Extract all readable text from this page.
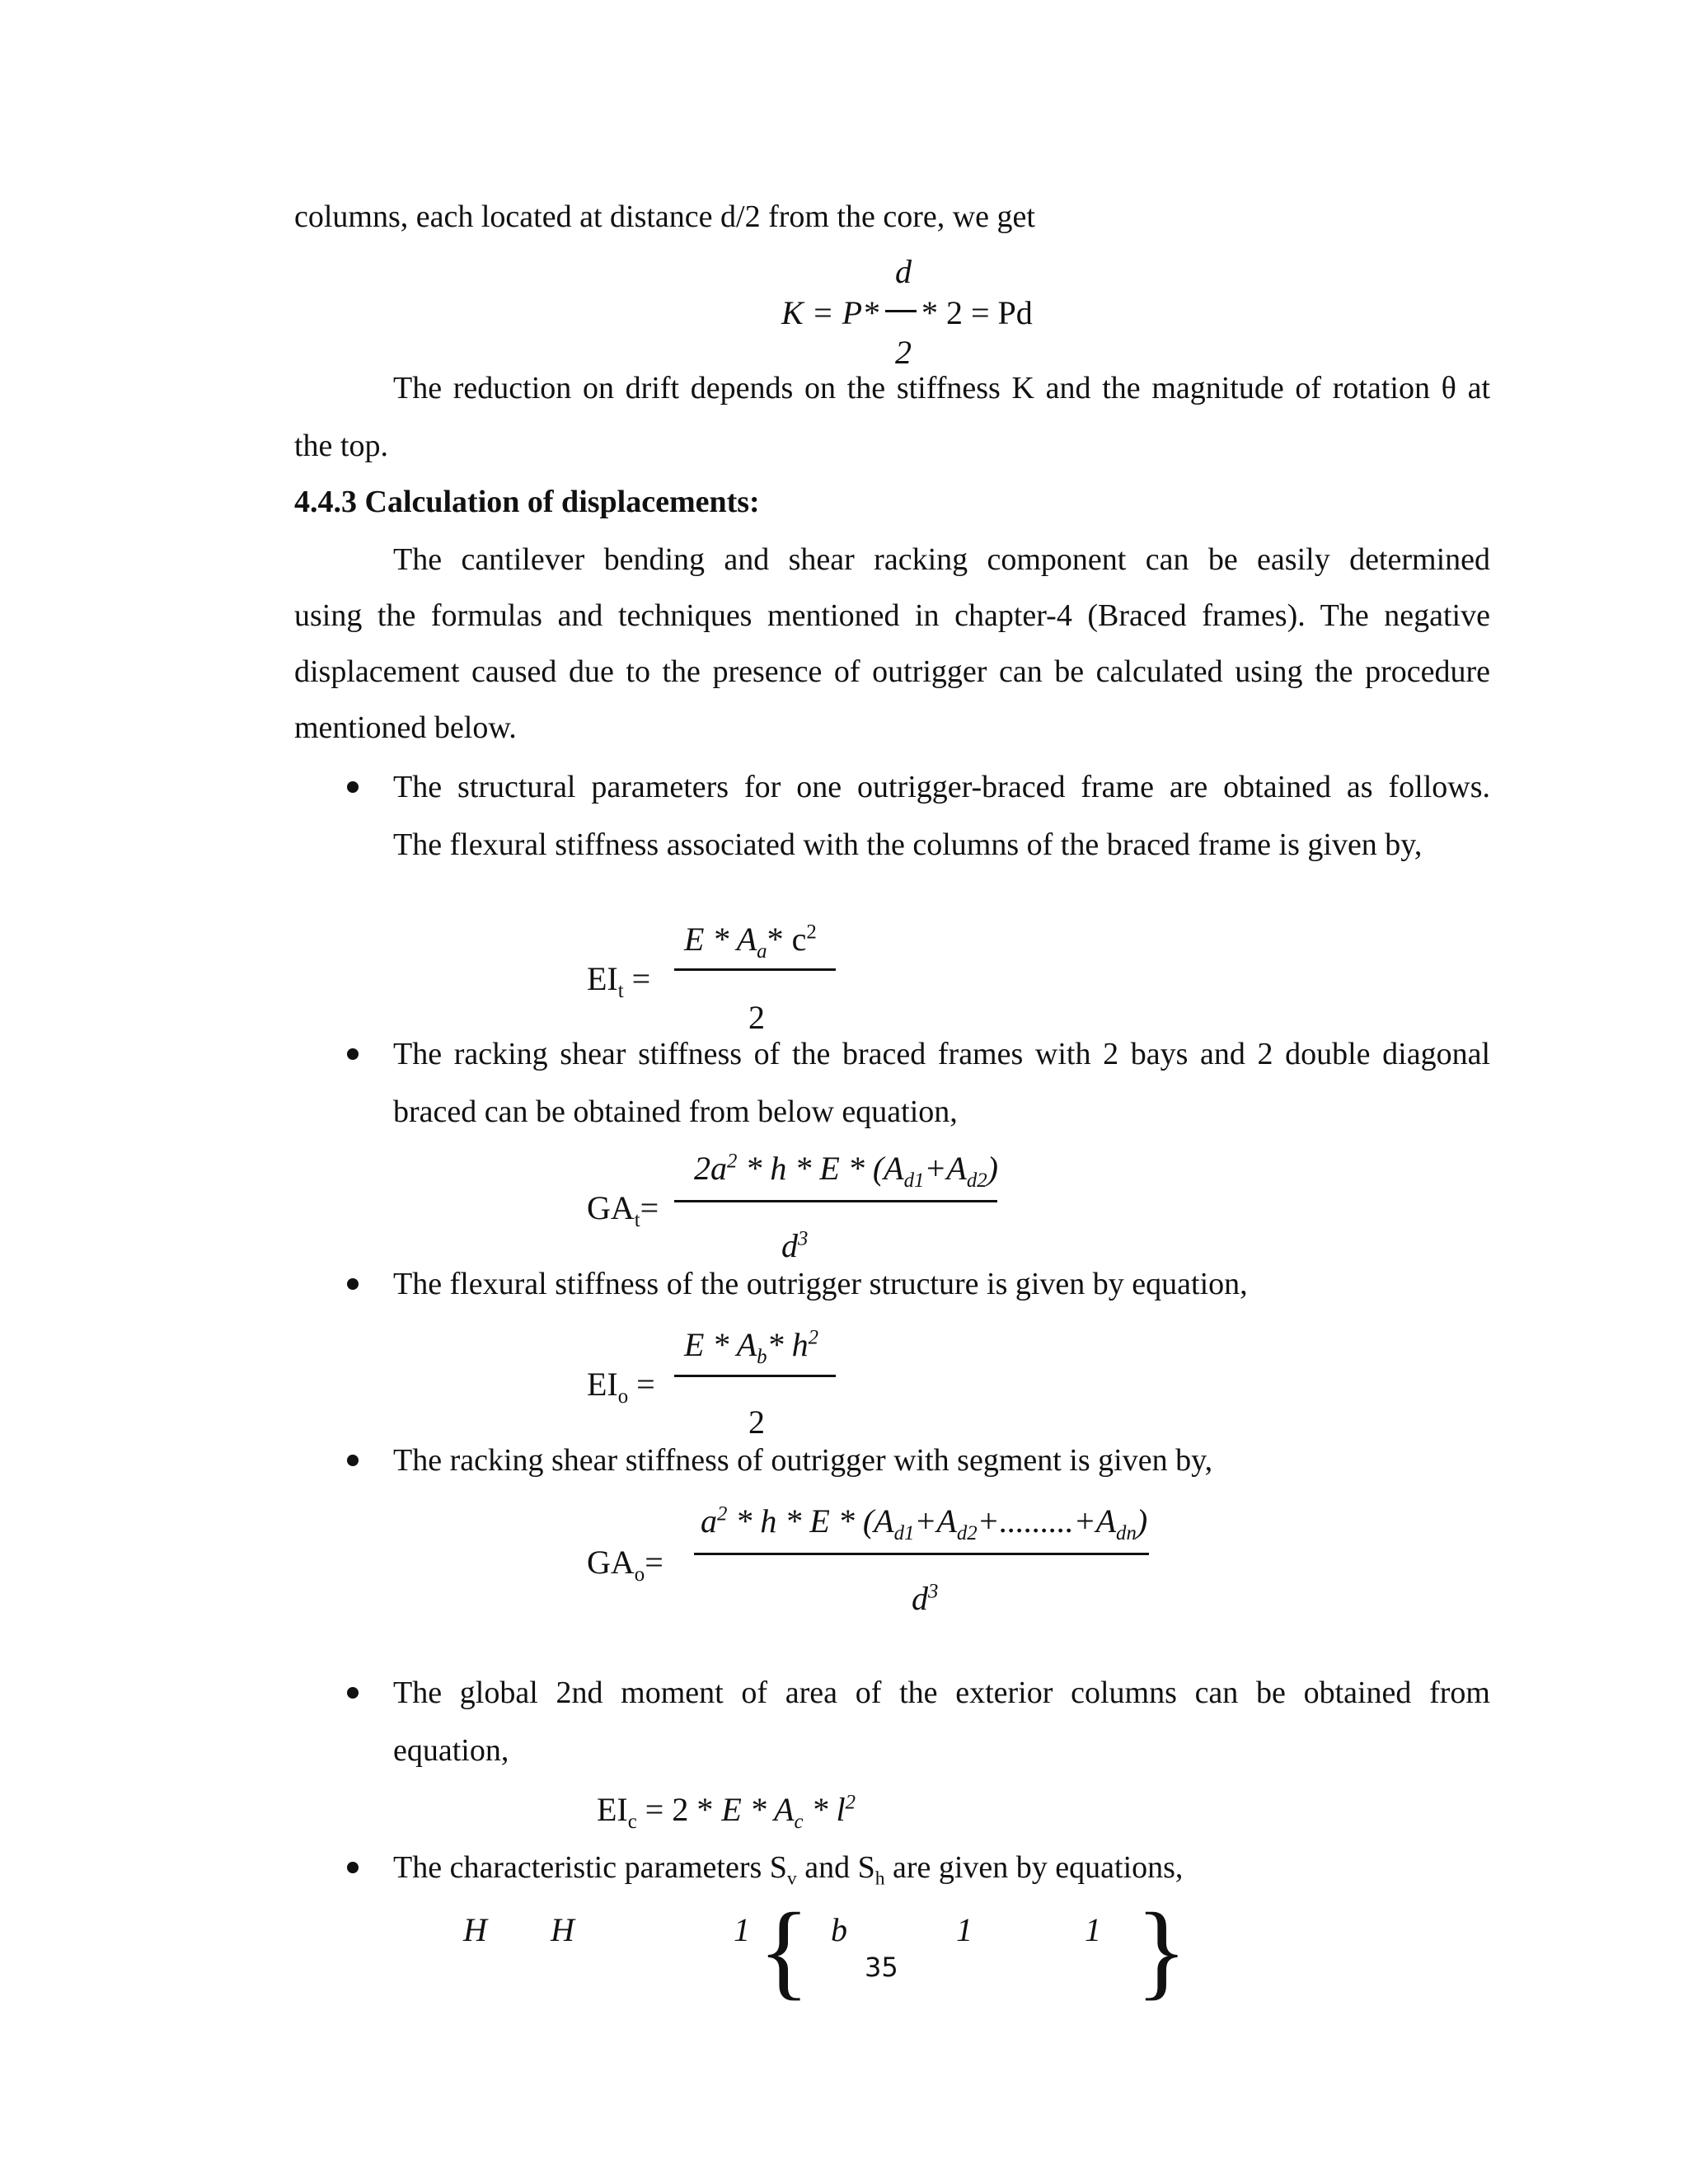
columns, each located at distance d/2 from the core, we get
K = P*
d
2
* 2 = Pd
The reduction on drift depends on the stiffness K and the magnitude of rotation θ at
the top.
4.4.3 Calculation of displacements:
The cantilever bending and shear racking component can be easily determined
using the formulas and techniques mentioned in chapter-4 (Braced frames). The negative
displacement caused due to the presence of outrigger can be calculated using the procedure
mentioned below.
The structural parameters for one outrigger-braced frame are obtained as follows.
The flexural stiffness associated with the columns of the braced frame is given by,
$EI_t$ =
E * $A_a*$ $c^2$
2
The racking shear stiffness of the braced frames with 2 bays and 2 double diagonal
braced can be obtained from below equation,
$GA_t=$
$2a^2 * h * E * (A_{d1}+A_{d2})$
$d^3$
The flexural stiffness of the outrigger structure is given by equation,
$EI_o$ =
E * $A_b*$ $h^2$
2
The racking shear stiffness of outrigger with segment is given by,
$GA_o=$
$a^2 * h * E * (A_{d1}+A_{d2}+.........+A_{dn})$
$d^3$
The global 2nd moment of area of the exterior columns can be obtained from
equation,
$EI_c = 2 * E * A_c * l^2$
The characteristic parameters $S_v$ and $S_h$ are given by equations,
H H	1 { b	1	1 }
35
